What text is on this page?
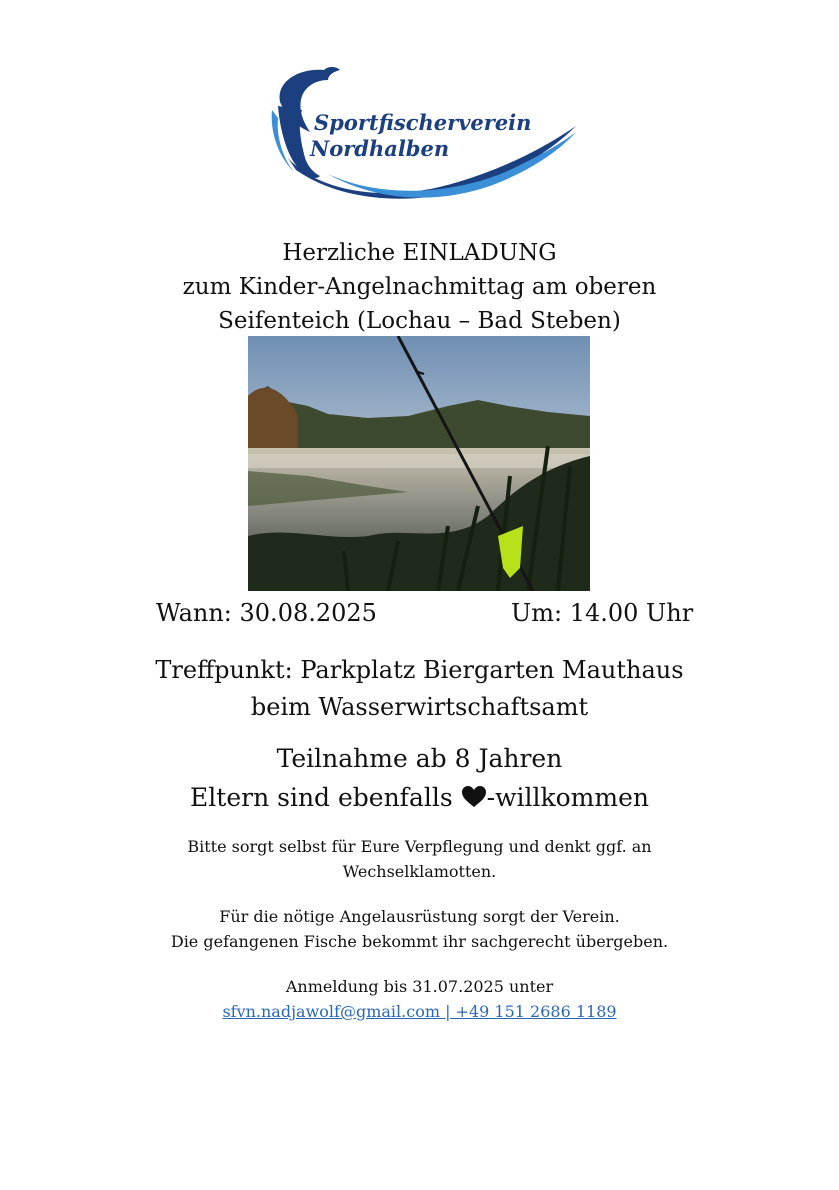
Sportfischerverein
Nordhalben
Herzliche EINLADUNG
zum Kinder-Angelnachmittag am oberen
Seifenteich (Lochau – Bad Steben)
Wann: 30.08.2025	Um: 14.00 Uhr
Treffpunkt: Parkplatz Biergarten Mauthaus
beim Wasserwirtschaftsamt
Teilnahme ab 8 Jahren
Eltern sind ebenfalls -willkommen
Bitte sorgt selbst für Eure Verpflegung und denkt ggf. an
Wechselklamotten.
Für die nötige Angelausrüstung sorgt der Verein.
Die gefangenen Fische bekommt ihr sachgerecht übergeben.
Anmeldung bis 31.07.2025 unter
sfvn.nadjawolf@gmail.com | +49 151 2686 1189
